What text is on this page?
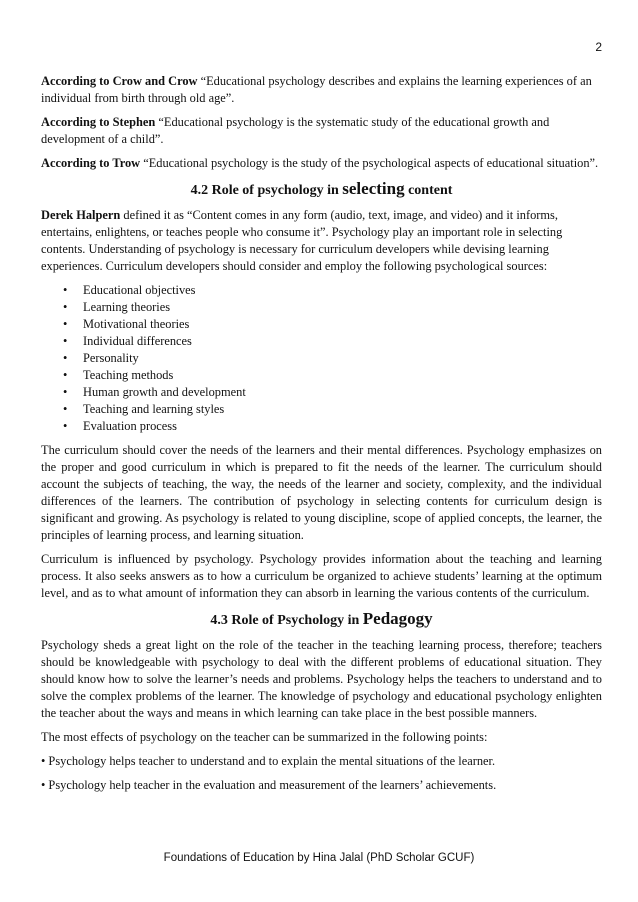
2

According to Crow and Crow “Educational psychology describes and explains the learning experiences of an individual from birth through old age”.

According to Stephen “Educational psychology is the systematic study of the educational growth and development of a child”.

According to Trow “Educational psychology is the study of the psychological aspects of educational situation”.

4.2 Role of psychology in selecting content

Derek Halpern defined it as “Content comes in any form (audio, text, image, and video) and it informs, entertains, enlightens, or teaches people who consume it”. Psychology play an important role in selecting contents. Understanding of psychology is necessary for curriculum developers while devising learning experiences. Curriculum developers should consider and employ the following psychological sources:

• Educational objectives
• Learning theories
• Motivational theories
• Individual differences
• Personality
• Teaching methods
• Human growth and development
• Teaching and learning styles
• Evaluation process

The curriculum should cover the needs of the learners and their mental differences. Psychology emphasizes on the proper and good curriculum in which is prepared to fit the needs of the learner. The curriculum should account the subjects of teaching, the way, the needs of the learner and society, complexity, and the individual differences of the learners. The contribution of psychology in selecting contents for curriculum design is significant and growing. As psychology is related to young discipline, scope of applied concepts, the learner, the principles of learning process, and learning situation.

Curriculum is influenced by psychology. Psychology provides information about the teaching and learning process. It also seeks answers as to how a curriculum be organized to achieve students’ learning at the optimum level, and as to what amount of information they can absorb in learning the various contents of the curriculum.

4.3 Role of Psychology in Pedagogy

Psychology sheds a great light on the role of the teacher in the teaching learning process, therefore; teachers should be knowledgeable with psychology to deal with the different problems of educational situation. They should know how to solve the learner’s needs and problems. Psychology helps the teachers to understand and to solve the complex problems of the learner. The knowledge of psychology and educational psychology enlighten the teacher about the ways and means in which learning can take place in the best possible manners.

The most effects of psychology on the teacher can be summarized in the following points:

• Psychology helps teacher to understand and to explain the mental situations of the learner.

• Psychology help teacher in the evaluation and measurement of the learners’ achievements.

Foundations of Education by Hina Jalal (PhD Scholar GCUF)
